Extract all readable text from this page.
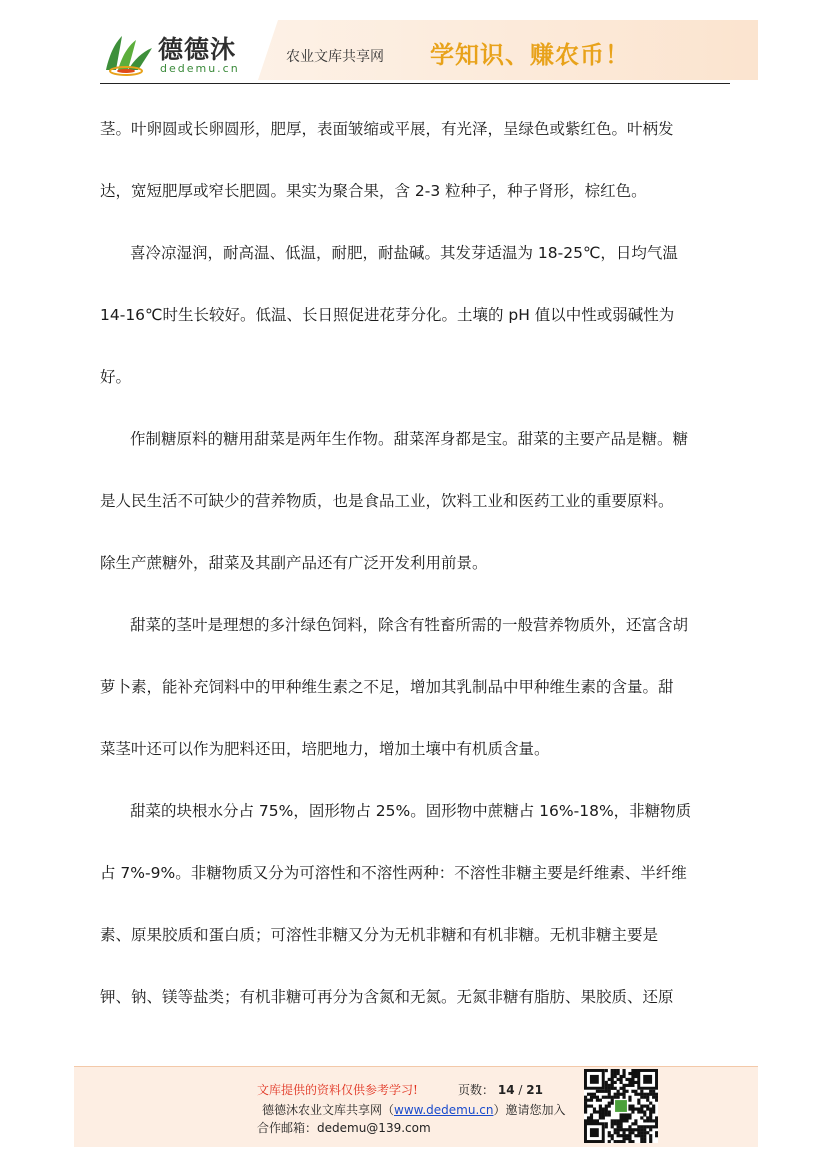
德德沐
dedemu.cn
农业文库共享网 学知识、赚农币！
茎。叶卵圆或长卵圆形，肥厚，表面皱缩或平展，有光泽，呈绿色或紫红色。叶柄发
达，宽短肥厚或窄长肥圆。果实为聚合果，含 2-3 粒种子，种子肾形，棕红色。
喜冷凉湿润，耐高温、低温，耐肥，耐盐碱。其发芽适温为 18-25℃，日均气温
14-16℃时生长较好。低温、长日照促进花芽分化。土壤的 pH 值以中性或弱碱性为
好。
作制糖原料的糖用甜菜是两年生作物。甜菜浑身都是宝。甜菜的主要产品是糖。糖
是人民生活不可缺少的营养物质，也是食品工业，饮料工业和医药工业的重要原料。
除生产蔗糖外，甜菜及其副产品还有广泛开发利用前景。
甜菜的茎叶是理想的多汁绿色饲料，除含有牲畜所需的一般营养物质外，还富含胡
萝卜素，能补充饲料中的甲种维生素之不足，增加其乳制品中甲种维生素的含量。甜
菜茎叶还可以作为肥料还田，培肥地力，增加土壤中有机质含量。
甜菜的块根水分占 75%，固形物占 25%。固形物中蔗糖占 16%-18%，非糖物质
占 7%-9%。非糖物质又分为可溶性和不溶性两种：不溶性非糖主要是纤维素、半纤维
素、原果胶质和蛋白质；可溶性非糖又分为无机非糖和有机非糖。无机非糖主要是
钾、钠、镁等盐类；有机非糖可再分为含氮和无氮。无氮非糖有脂肪、果胶质、还原
文库提供的资料仅供参考学习!	页数： 14 / 21
德德沐农业文库共享网（www.dedemu.cn）邀请您加入
合作邮箱：dedemu@139.com
